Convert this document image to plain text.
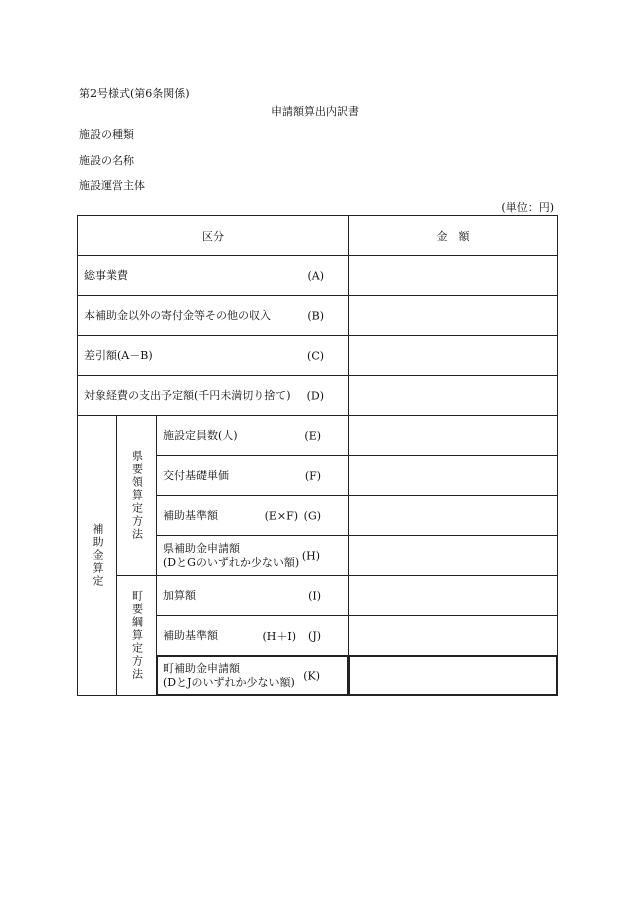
第2号様式(第6条関係)
申請額算出内訳書
施設の種類
施設の名称
施設運営主体
(単位：円)
区分			金　額

総事業費 (A)			

本補助金以外の寄付金等その他の収入 (B)			

差引額(A－B) (C)			

対象経費の支出予定額(千円未満切り捨て) (D)			

補助金算定	県要領算定方法	施設定員数(人) (E)	

		交付基礎単価 (F)	

		補助基準額 (E×F) (G)	

		県補助金申請額
(DとGのいずれか少ない額) (H)	

	町要綱算定方法	加算額 (I)	

		補助基準額 (H＋I) (J)	

		町補助金申請額
(DとJのいずれか少ない額) (K)	
